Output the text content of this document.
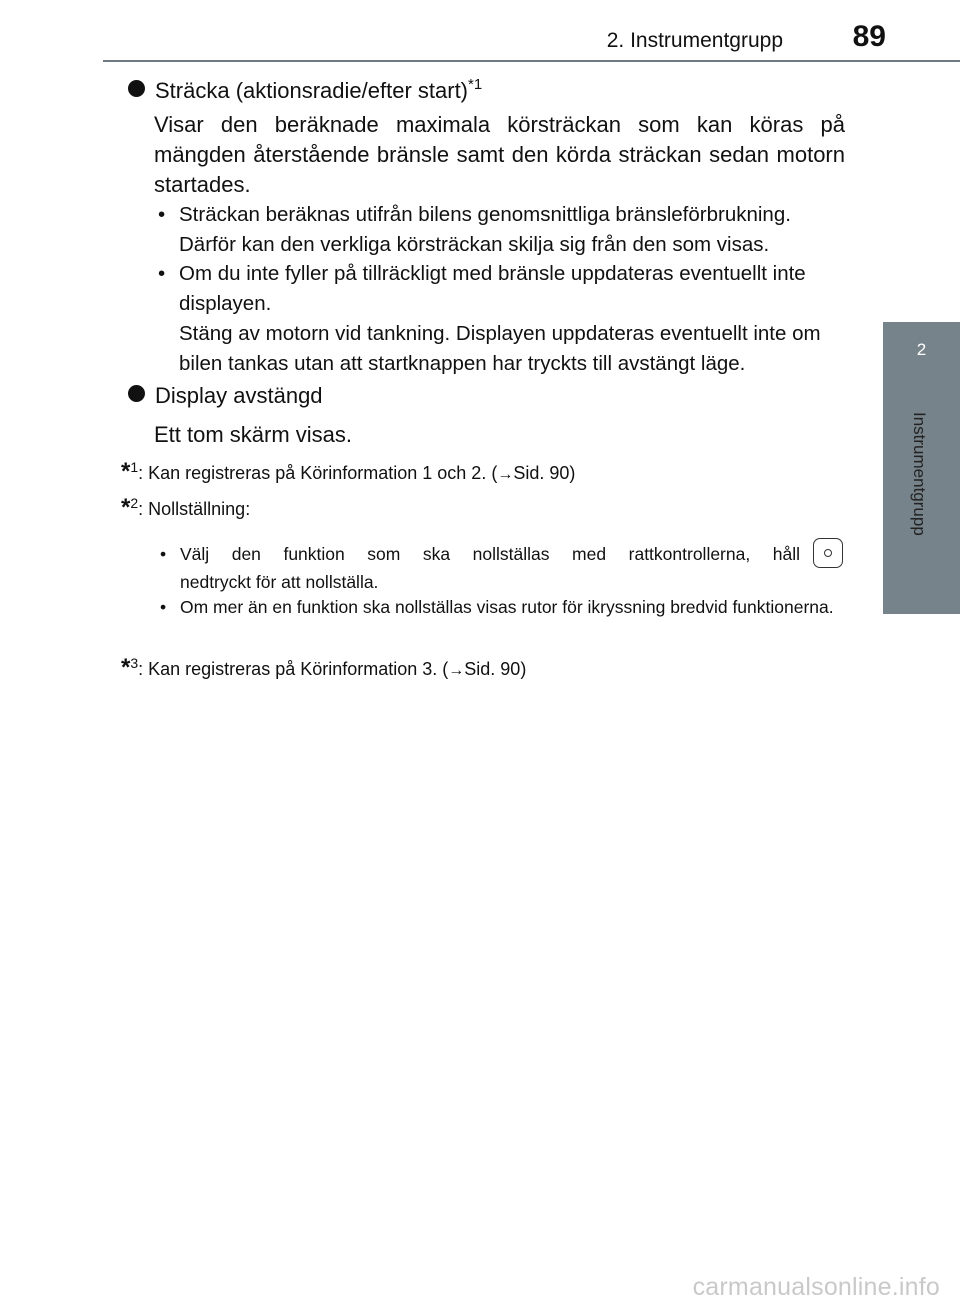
2. Instrumentgrupp 89
2
Instrumentgrupp
Sträcka (aktionsradie/efter start)$^{*1}$
Visar den beräknade maximala körsträckan som kan köras på mängden återstående bränsle samt den körda sträckan sedan motorn startades.
• Sträckan beräknas utifrån bilens genomsnittliga bränsleförbrukning. Därför kan den verkliga körsträckan skilja sig från den som visas.
• Om du inte fyller på tillräckligt med bränsle uppdateras eventuellt inte displayen.
Stäng av motorn vid tankning. Displayen uppdateras eventuellt inte om bilen tankas utan att startknappen har tryckts till avstängt läge.
Display avstängd
Ett tom skärm visas.
*$^1$: Kan registreras på Körinformation 1 och 2. (→Sid. 90)
*$^2$: Nollställning:
• Välj den funktion som ska nollställas med rattkontrollerna, håll
nedtryckt för att nollställa.
• Om mer än en funktion ska nollställas visas rutor för ikryssning bredvid funktionerna.
*$^3$: Kan registreras på Körinformation 3. (→Sid. 90)
carmanualsonline.info
